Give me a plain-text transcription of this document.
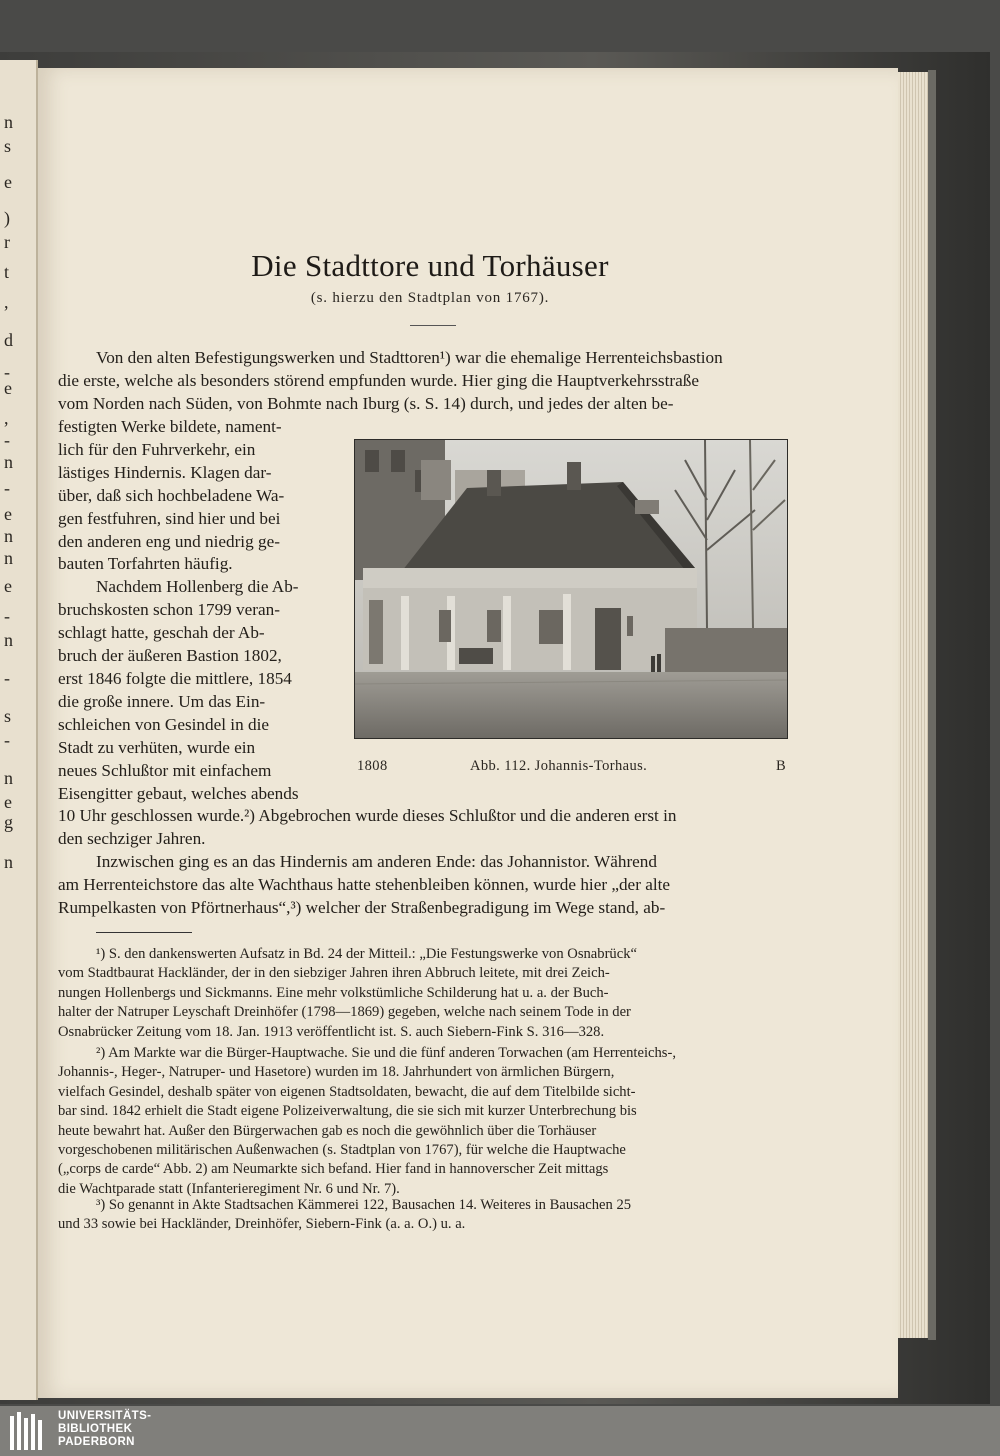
n
s
e
)
r
t
,
d
-
e
,
-
n
-
e
n
n
e
-
n
-
s
-
n
e
g
n
Die Stadttore und Torhäuser
(s. hierzu den Stadtplan von 1767).

Von den alten Befestigungswerken und Stadttoren¹) war die ehemalige Herrenteichsbastion

die erste, welche als besonders störend empfunden wurde. Hier ging die Hauptverkehrsstraße

vom Norden nach Süden, von Bohmte nach Iburg (s. S. 14) durch, und jedes der alten be-

festigten Werke bildete, nament-

lich für den Fuhrverkehr, ein

lästiges Hindernis. Klagen dar-

über, daß sich hochbeladene Wa-

gen festfuhren, sind hier und bei

den anderen eng und niedrig ge-

bauten Torfahrten häufig.

Nachdem Hollenberg die Ab-

bruchskosten schon 1799 veran-

schlagt hatte, geschah der Ab-

bruch der äußeren Bastion 1802,

erst 1846 folgte die mittlere, 1854

die große innere. Um das Ein-

schleichen von Gesindel in die

Stadt zu verhüten, wurde ein

neues Schlußtor mit einfachem

Eisengitter gebaut, welches abends

1808	Abb. 112. Johannis-Torhaus.	B

10 Uhr geschlossen wurde.²) Abgebrochen wurde dieses Schlußtor und die anderen erst in

den sechziger Jahren.

Inzwischen ging es an das Hindernis am anderen Ende: das Johannistor. Während

am Herrenteichstore das alte Wachthaus hatte stehenbleiben können, wurde hier „der alte

Rumpelkasten von Pförtnerhaus“,³) welcher der Straßenbegradigung im Wege stand, ab-

¹) S. den dankenswerten Aufsatz in Bd. 24 der Mitteil.: „Die Festungswerke von Osnabrück“

vom Stadtbaurat Hackländer, der in den siebziger Jahren ihren Abbruch leitete, mit drei Zeich-

nungen Hollenbergs und Sickmanns. Eine mehr volkstümliche Schilderung hat u. a. der Buch-

halter der Natruper Leyschaft Dreinhöfer (1798—1869) gegeben, welche nach seinem Tode in der

Osnabrücker Zeitung vom 18. Jan. 1913 veröffentlicht ist. S. auch Siebern-Fink S. 316—328.

²) Am Markte war die Bürger-Hauptwache. Sie und die fünf anderen Torwachen (am Herrenteichs-,

Johannis-, Heger-, Natruper- und Hasetore) wurden im 18. Jahrhundert von ärmlichen Bürgern,

vielfach Gesindel, deshalb später von eigenen Stadtsoldaten, bewacht, die auf dem Titelbilde sicht-

bar sind. 1842 erhielt die Stadt eigene Polizeiverwaltung, die sie sich mit kurzer Unterbrechung bis

heute bewahrt hat. Außer den Bürgerwachen gab es noch die gewöhnlich über die Torhäuser

vorgeschobenen militärischen Außenwachen (s. Stadtplan von 1767), für welche die Hauptwache

(„corps de carde“ Abb. 2) am Neumarkte sich befand. Hier fand in hannoverscher Zeit mittags

die Wachtparade statt (Infanterieregiment Nr. 6 und Nr. 7).

³) So genannt in Akte Stadtsachen Kämmerei 122, Bausachen 14. Weiteres in Bausachen 25

und 33 sowie bei Hackländer, Dreinhöfer, Siebern-Fink (a. a. O.) u. a.

UNIVERSITÄTS-
BIBLIOTHEK
PADERBORN
